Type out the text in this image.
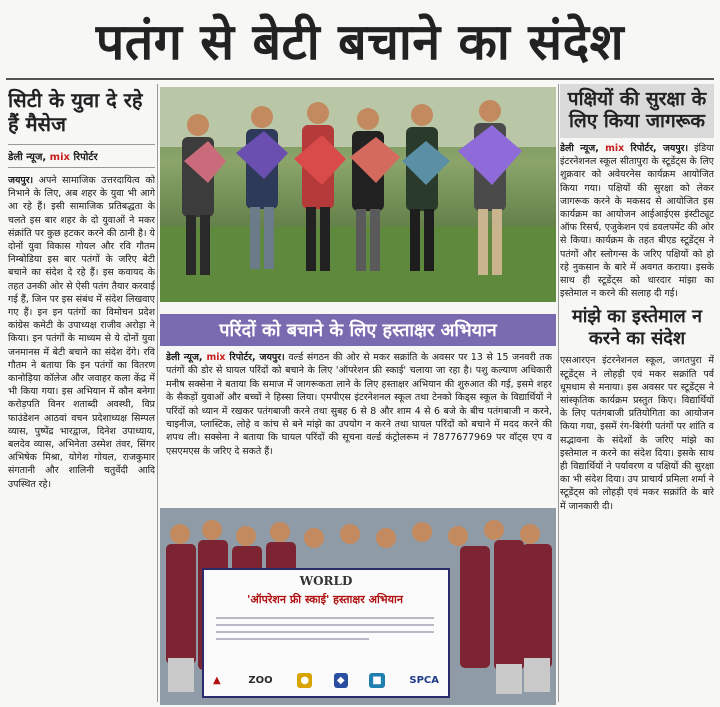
पतंग से बेटी बचाने का संदेश
सिटी के युवा दे रहे हैं मैसेज
डेली न्यूज, mix रिपोर्टर
जयपुर। अपने सामाजिक उत्तरदायित्व को निभाने के लिए, अब शहर के युवा भी आगे आ रहे हैं। इसी सामाजिक प्रतिबद्धता के चलते इस बार शहर के दो युवाओं ने मकर संक्रांति पर कुछ हटकर करने की ठानी है। ये दोनों युवा विकास गोयल और रवि गौतम निम्बोडिया इस बार पतंगों के जरिए बेटी बचाने का संदेश दे रहे हैं। इस कवायद के तहत उनकी ओर से ऐसी पतंग तैयार करवाई गई हैं, जिन पर इस संबंध में संदेश लिखवाए गए हैं। इन इन पतंगों का विमोचन प्रदेश कांग्रेस कमेटी के उपाध्यक्ष राजीव अरोड़ा ने किया। इन पतंगों के माध्यम से ये दोनों युवा जनमानस में बेटी बचाने का संदेश देंगे। रवि गौतम ने बताया कि इन पतंगों का वितरण कानोड़िया कॉलेज और जवाहर कला केंद्र में भी किया गया। इस अभियान में कौन बनेगा करोड़पति विनर शताब्दी अवस्थी, विप्र फाउंडेशन आठवां वचन प्रदेशाध्यक्ष सिम्पल व्यास, पुष्पेंद्र भारद्वाज, दिनेश उपाध्याय, बलदेव व्यास, अभिनेता उस्मेश तंवर, सिंगर अभिषेक मिश्रा, योगेश गोयल, राजकुमार संगतानी और शालिनी चतुर्वेदी आदि उपस्थित रहे।
परिंदों को बचाने के लिए हस्ताक्षर अभियान
डेली न्यूज, mix रिपोर्टर, जयपुर। वर्ल्ड संगठन की ओर से मकर सक्रांति के अवसर पर 13 से 15 जनवरी तक पतंगों की डोर से घायल परिंदों को बचाने के लिए 'ऑपरेशन फ्री स्काई' चलाया जा रहा है। पशु कल्याण अधिकारी मनीष सक्सेना ने बताया कि समाज में जागरूकता लाने के लिए हस्ताक्षर अभियान की शुरुआत की गई, इसमे शहर के सैकड़ों युवाओं और बच्चों ने हिस्सा लिया। एमपीएस इंटरनेशनल स्कूल तथा टेनको किड्स स्कूल के विद्यार्थियों ने परिंदों को ध्यान में रखकर पतंगबाजी करने तथा सुबह 6 से 8 और शाम 4 से 6 बजे के बीच पतंगबाजी न करने, चाइनीज, प्लास्टिक, लोहे व कांच से बने मांझे का उपयोग न करने तथा घायल परिंदों को बचाने में मदद करने की शपथ ली। सक्सेना ने बताया कि घायल परिंदों की सूचना वर्ल्ड कंट्रोलरूम नं 7877677969 पर वॉट्स एप व एसएमएस के जरिए दे सकते हैं।
WORLD
'ऑपरेशन फ्री स्काई' हस्ताक्षर अभियान
▲	ZOO	●	◆	■	SPCA
पक्षियों की सुरक्षा के लिए किया जागरूक
डेली न्यूज, mix रिपोर्टर, जयपुर। इंडिया इंटरनेशनल स्कूल सीतापुरा के स्टूडेंट्स के लिए शुक्रवार को अवेयरनेस कार्यक्रम आयोजित किया गया। पक्षियों की सुरक्षा को लेकर जागरूक करने के मकसद से आयोजित इस कार्यक्रम का आयोजन आईआईएस इंस्टीट्यूट ऑफ रिसर्च, एजुकेशन एवं डवलपमेंट की ओर से किया। कार्यक्रम के तहत बीएड स्टूडेंट्स ने पतंगों और स्लोगन्स के जरिए पक्षियों को हो रहे नुकसान के बारे में अवगत कराया। इसके साथ ही स्टूडेंट्स को धारदार मांझा का इस्तेमाल न करने की सलाह दी गई।
मांझे का इस्तेमाल न करने का संदेश
एसआरएन इंटरनेशनल स्कूल, जगतपुरा में स्टूडेंट्स ने लोहड़ी एवं मकर सक्रांति पर्व धूमधाम से मनाया। इस अवसर पर स्टूडेंट्स ने सांस्कृतिक कार्यक्रम प्रस्तुत किए। विद्यार्थियों के लिए पतंगबाजी प्रतियोगिता का आयोजन किया गया, इसमें रंग-बिरंगी पतंगों पर शांति व सद्भावना के संदेशों के जरिए मांझे का इस्तेमाल न करने का संदेश दिया। इसके साथ ही विद्यार्थियों ने पर्यावरण व पक्षियों की सुरक्षा का भी संदेश दिया। उप प्राचार्य प्रमिला शर्मा ने स्टूडेंट्स को लोहड़ी एवं मकर सक्रांति के बारे में जानकारी दी।
